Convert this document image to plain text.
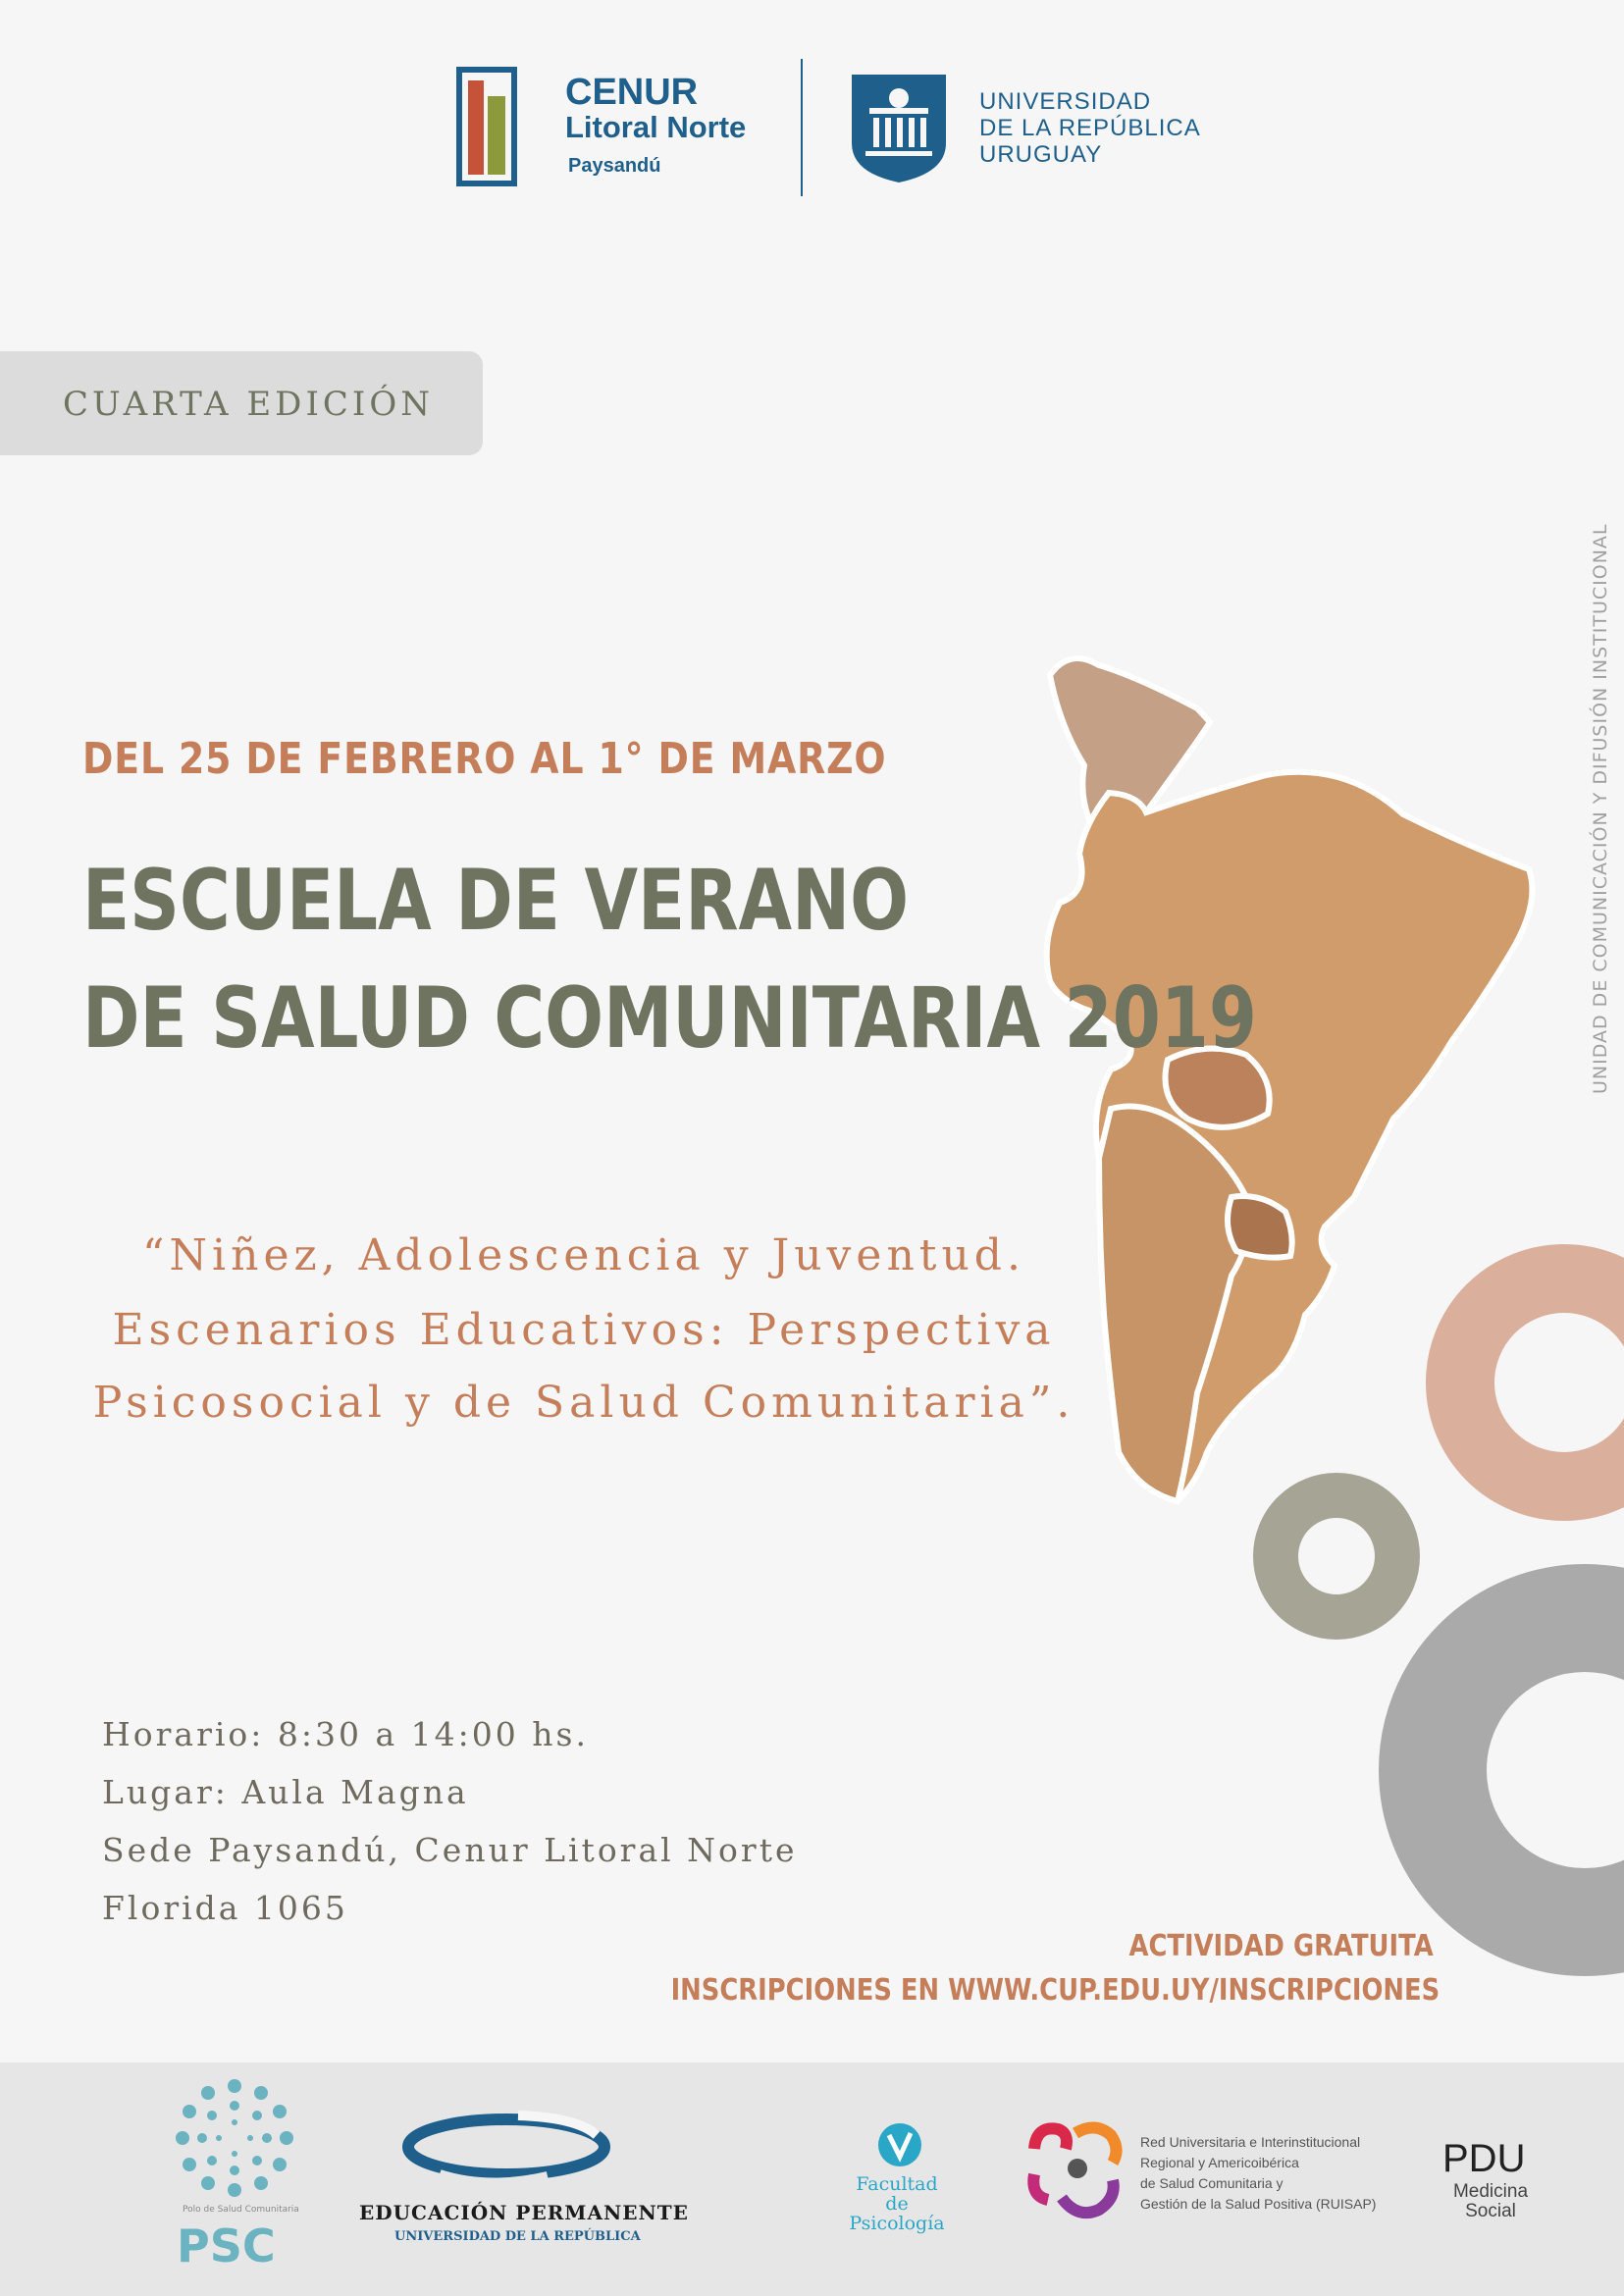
CENUR
Litoral Norte
Paysandú
UNIVERSIDAD
DE LA REPÚBLICA
URUGUAY
CUARTA EDICIÓN
DEL 25 DE FEBRERO AL 1° DE MARZO
ESCUELA DE VERANO
DE SALUD COMUNITARIA 2019
“Niñez, Adolescencia y Juventud.
Escenarios Educativos: Perspectiva
Psicosocial y de Salud Comunitaria”.
UNIDAD DE COMUNICACIÓN Y DIFUSIÓN INSTITUCIONAL
Horario: 8:30 a 14:00 hs.
Lugar: Aula Magna
Sede Paysandú, Cenur Litoral Norte
Florida 1065
ACTIVIDAD GRATUITA
INSCRIPCIONES EN WWW.CUP.EDU.UY/INSCRIPCIONES
Polo de Salud Comunitaria
PSC
EDUCACIÓN PERMANENTE
UNIVERSIDAD DE LA REPÚBLICA
Facultad de
Psicología
Red Universitaria e Interinstitucional
Regional y Americoibérica
de Salud Comunitaria y
Gestión de la Salud Positiva (RUISAP)
PDU
Medicina
Social
